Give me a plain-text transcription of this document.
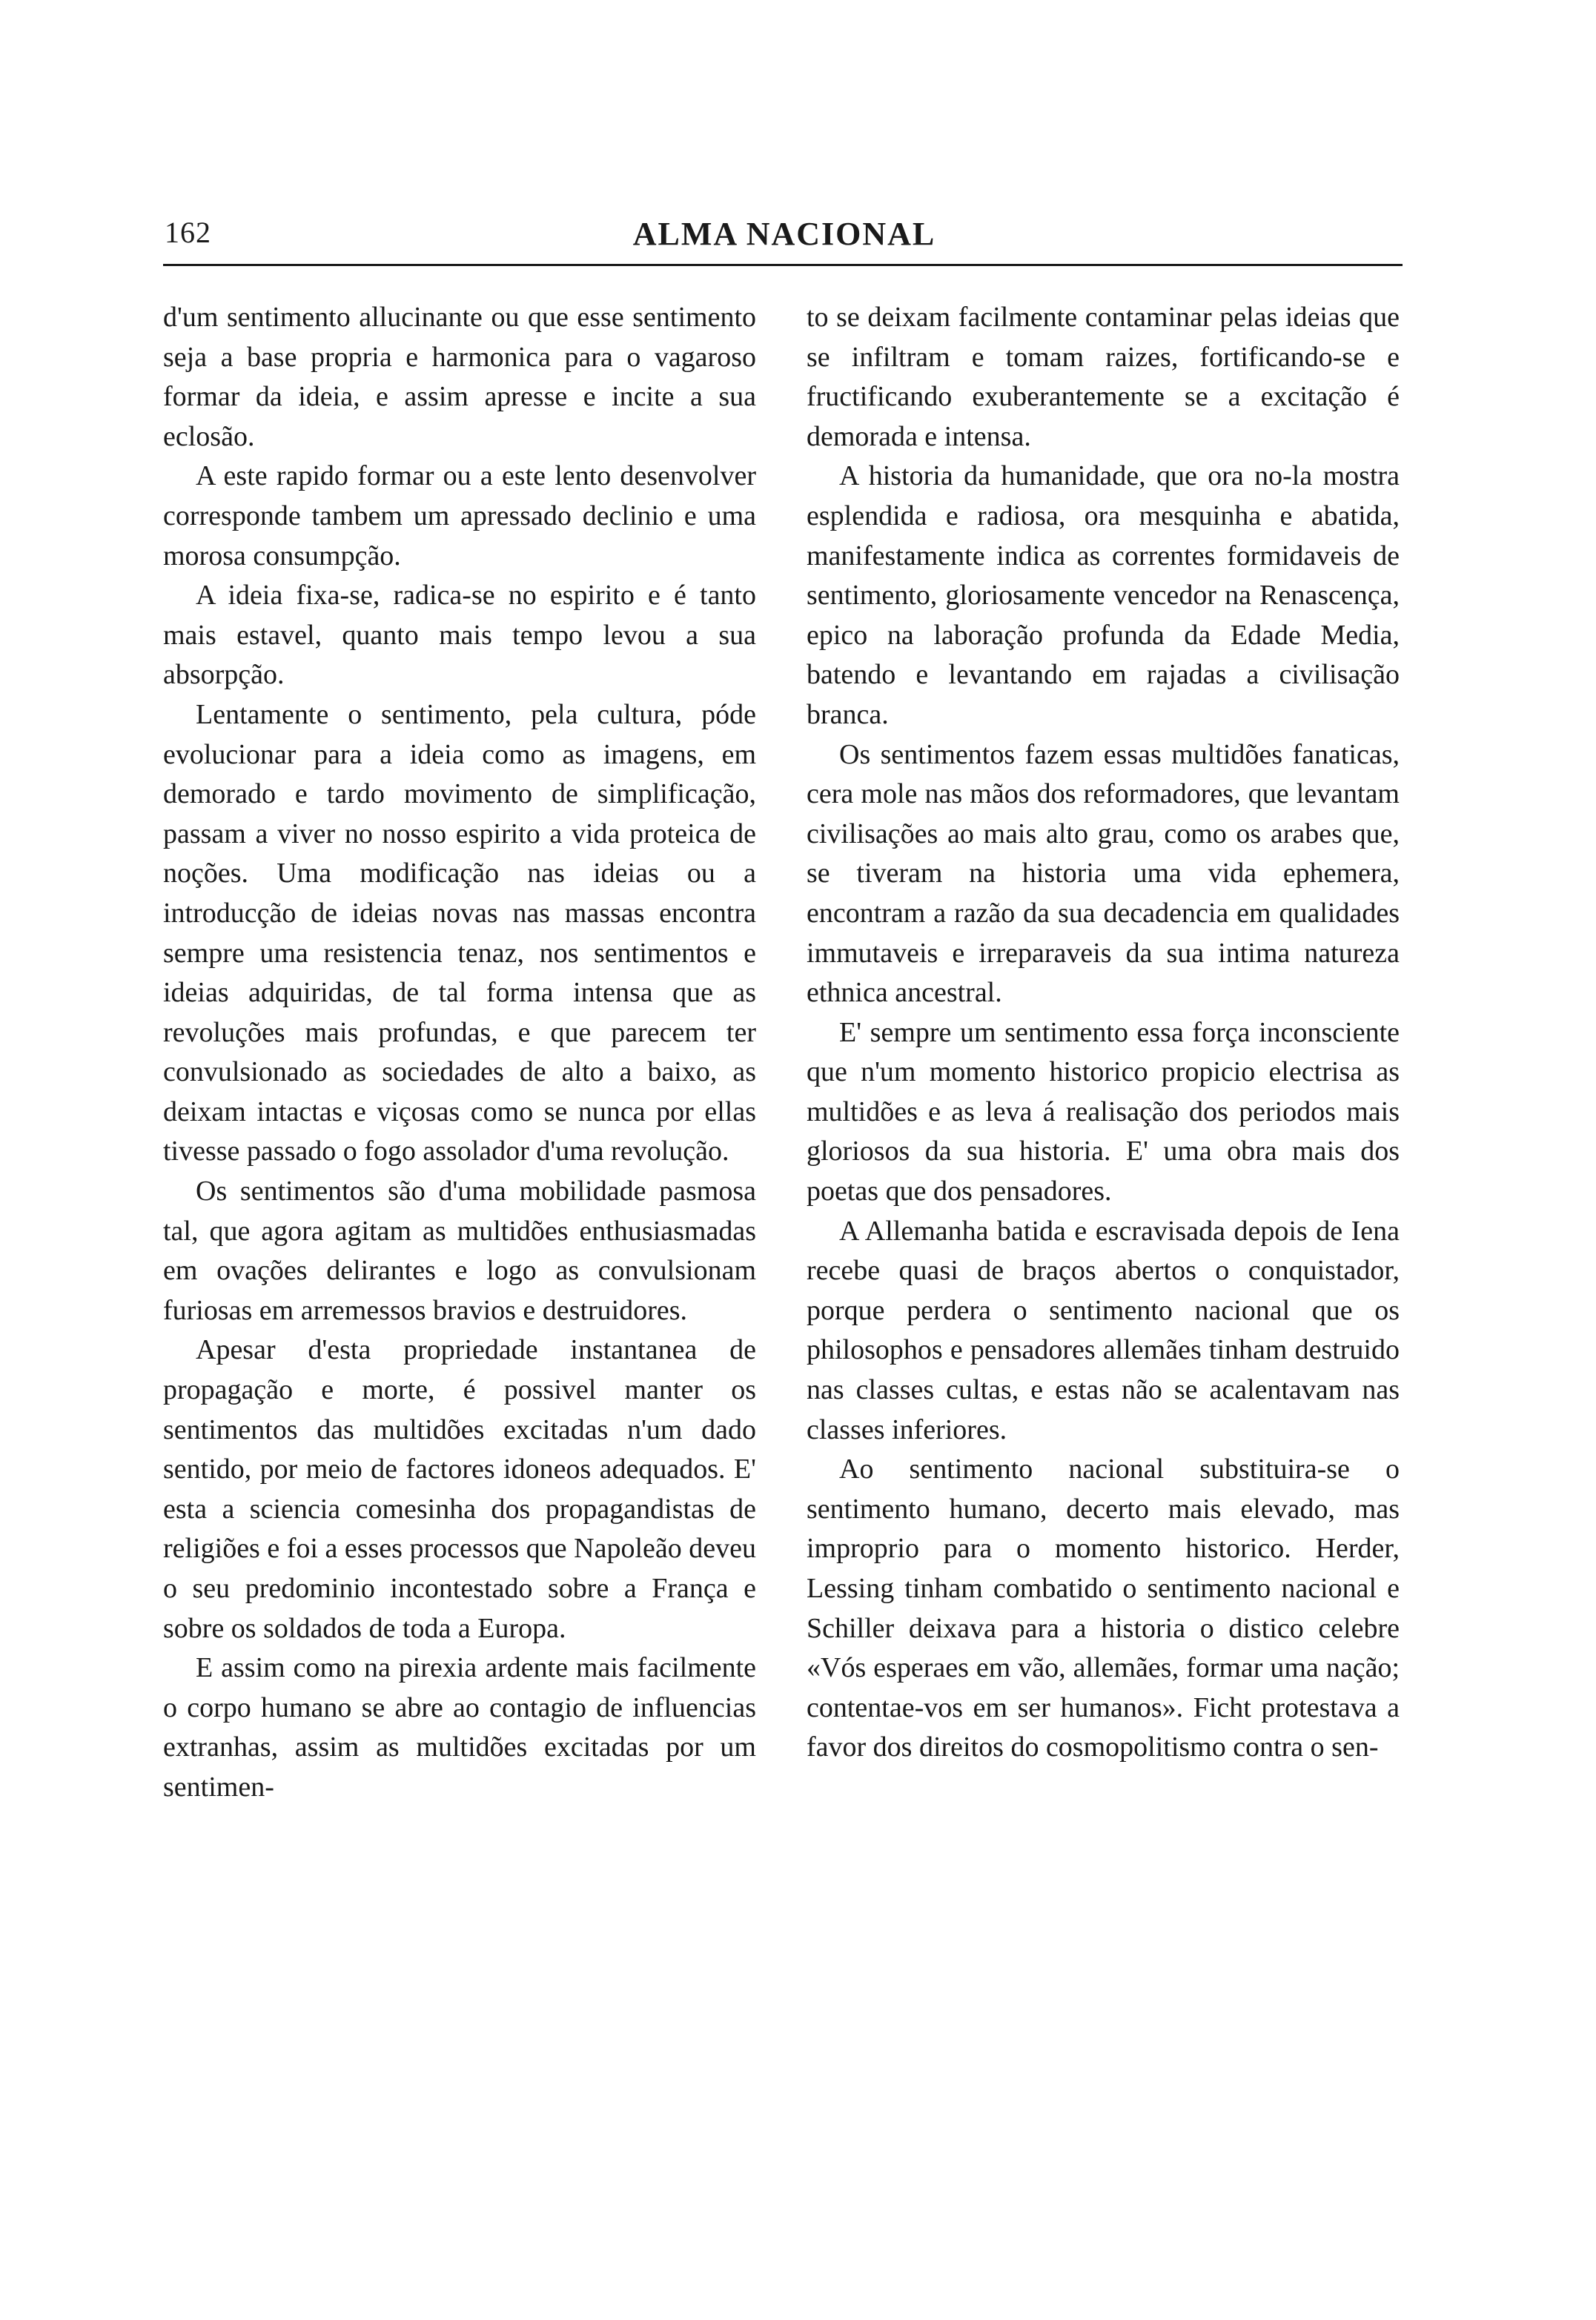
162	ALMA NACIONAL

d'um sentimento allucinante ou que esse sentimento seja a base propria e harmonica para o vagaroso formar da ideia, e assim apresse e incite a sua eclosão.

A este rapido formar ou a este lento desenvolver corresponde tambem um apressado declinio e uma morosa consumpção.

A ideia fixa-se, radica-se no espirito e é tanto mais estavel, quanto mais tempo levou a sua absorpção.

Lentamente o sentimento, pela cultura, póde evolucionar para a ideia como as imagens, em demorado e tardo movimento de simplificação, passam a viver no nosso espirito a vida proteica de noções. Uma modificação nas ideias ou a introducção de ideias novas nas massas encontra sempre uma resistencia tenaz, nos sentimentos e ideias adquiridas, de tal forma intensa que as revoluções mais profundas, e que parecem ter convulsionado as sociedades de alto a baixo, as deixam intactas e viçosas como se nunca por ellas tivesse passado o fogo assolador d'uma revolução.

Os sentimentos são d'uma mobilidade pasmosa tal, que agora agitam as multidões enthusiasmadas em ovações delirantes e logo as convulsionam furiosas em arremessos bravios e destruidores.

Apesar d'esta propriedade instantanea de propagação e morte, é possivel manter os sentimentos das multidões excitadas n'um dado sentido, por meio de factores idoneos adequados. E' esta a sciencia comesinha dos propagandistas de religiões e foi a esses processos que Napoleão deveu o seu predominio incontestado sobre a França e sobre os soldados de toda a Europa.

E assim como na pirexia ardente mais facilmente o corpo humano se abre ao contagio de influencias extranhas, assim as multidões excitadas por um sentimen-

to se deixam facilmente contaminar pelas ideias que se infiltram e tomam raizes, fortificando-se e fructificando exuberantemente se a excitação é demorada e intensa.

A historia da humanidade, que ora no-la mostra esplendida e radiosa, ora mesquinha e abatida, manifestamente indica as correntes formidaveis de sentimento, gloriosamente vencedor na Renascença, epico na laboração profunda da Edade Media, batendo e levantando em rajadas a civilisação branca.

Os sentimentos fazem essas multidões fanaticas, cera mole nas mãos dos reformadores, que levantam civilisações ao mais alto grau, como os arabes que, se tiveram na historia uma vida ephemera, encontram a razão da sua decadencia em qualidades immutaveis e irreparaveis da sua intima natureza ethnica ancestral.

E' sempre um sentimento essa força inconsciente que n'um momento historico propicio electrisa as multidões e as leva á realisação dos periodos mais gloriosos da sua historia. E' uma obra mais dos poetas que dos pensadores.

A Allemanha batida e escravisada depois de Iena recebe quasi de braços abertos o conquistador, porque perdera o sentimento nacional que os philosophos e pensadores allemães tinham destruido nas classes cultas, e estas não se acalentavam nas classes inferiores.

Ao sentimento nacional substituira-se o sentimento humano, decerto mais elevado, mas improprio para o momento historico. Herder, Lessing tinham combatido o sentimento nacional e Schiller deixava para a historia o distico celebre «Vós esperaes em vão, allemães, formar uma nação; contentae-vos em ser humanos». Ficht protestava a favor dos direitos do cosmopolitismo contra o sen-
